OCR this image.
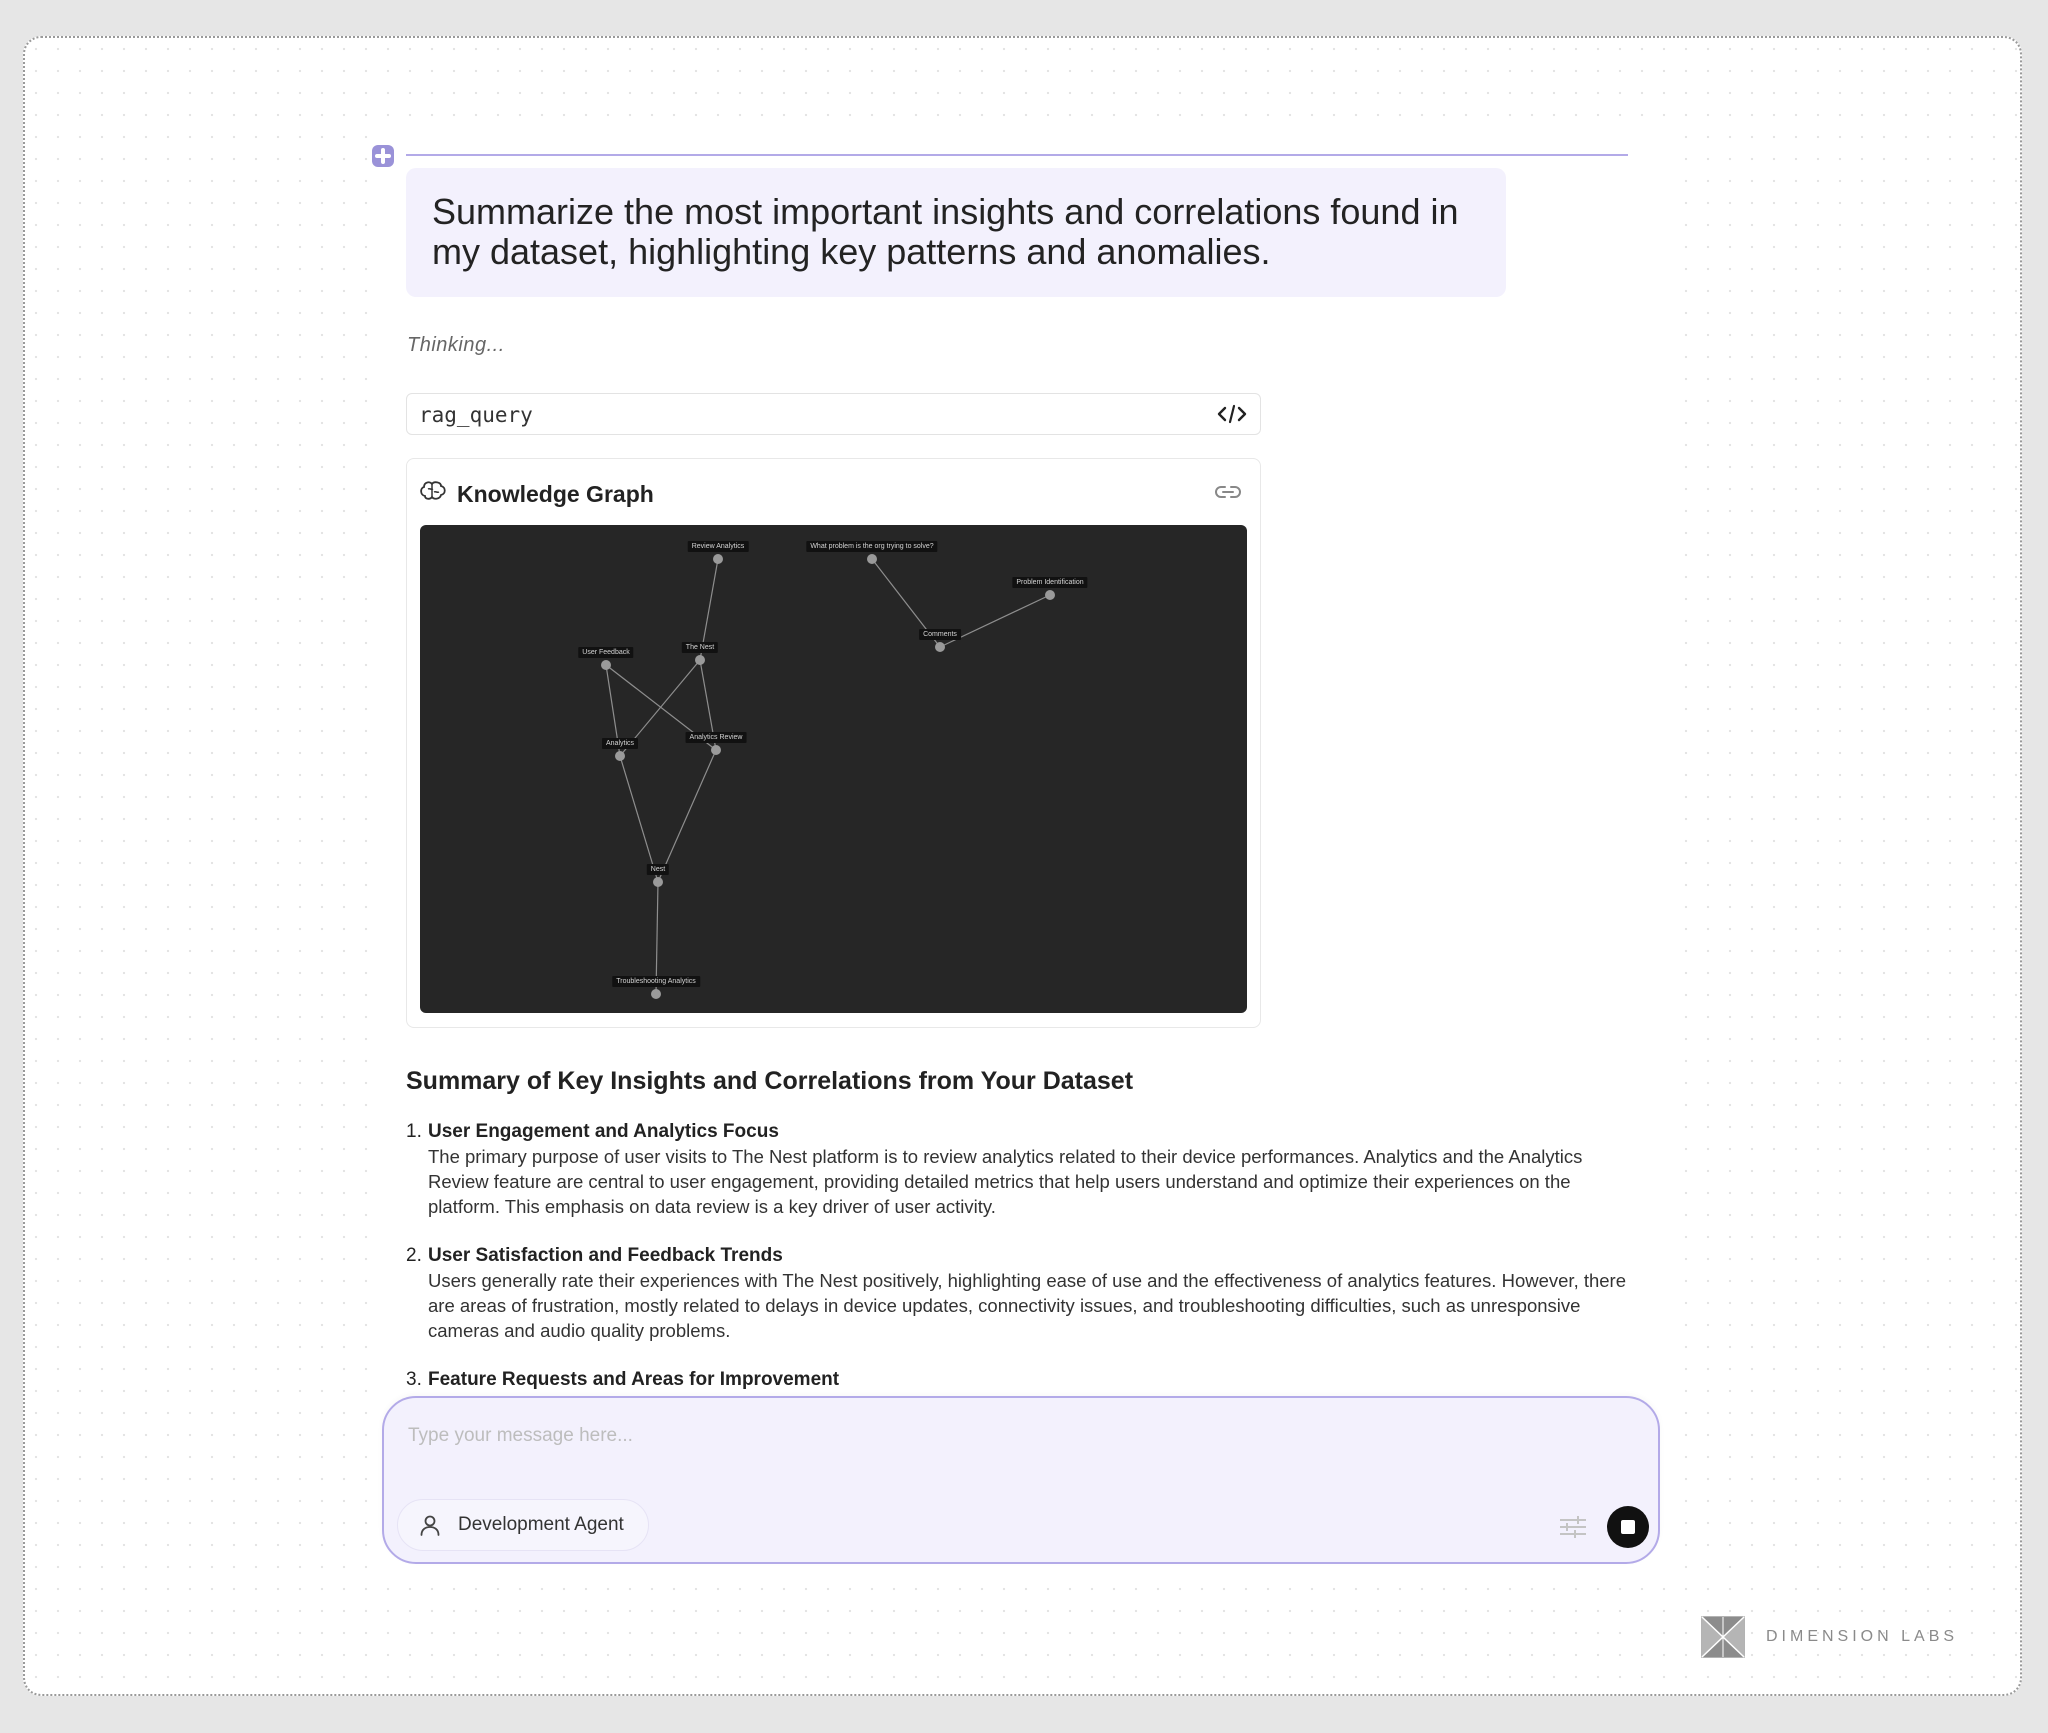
Summarize the most important insights and correlations found in my dataset, highlighting key patterns and anomalies.
Thinking...
rag_query
Knowledge Graph
Review Analytics	What problem is the org trying to solve?
Problem Identification
Comments
User Feedback
The Nest
Analytics
Analytics Review
Nest
Troubleshooting Analytics
Summary of Key Insights and Correlations from Your Dataset
1. User Engagement and Analytics Focus
The primary purpose of user visits to The Nest platform is to review analytics related to their device performances. Analytics and the Analytics Review feature are central to user engagement, providing detailed metrics that help users understand and optimize their experiences on the platform. This emphasis on data review is a key driver of user activity.
2. User Satisfaction and Feedback Trends
Users generally rate their experiences with The Nest positively, highlighting ease of use and the effectiveness of analytics features. However, there are areas of frustration, mostly related to delays in device updates, connectivity issues, and troubleshooting difficulties, such as unresponsive cameras and audio quality problems.
3. Feature Requests and Areas for Improvement
Type your message here...
Development Agent
DIMENSION LABS
